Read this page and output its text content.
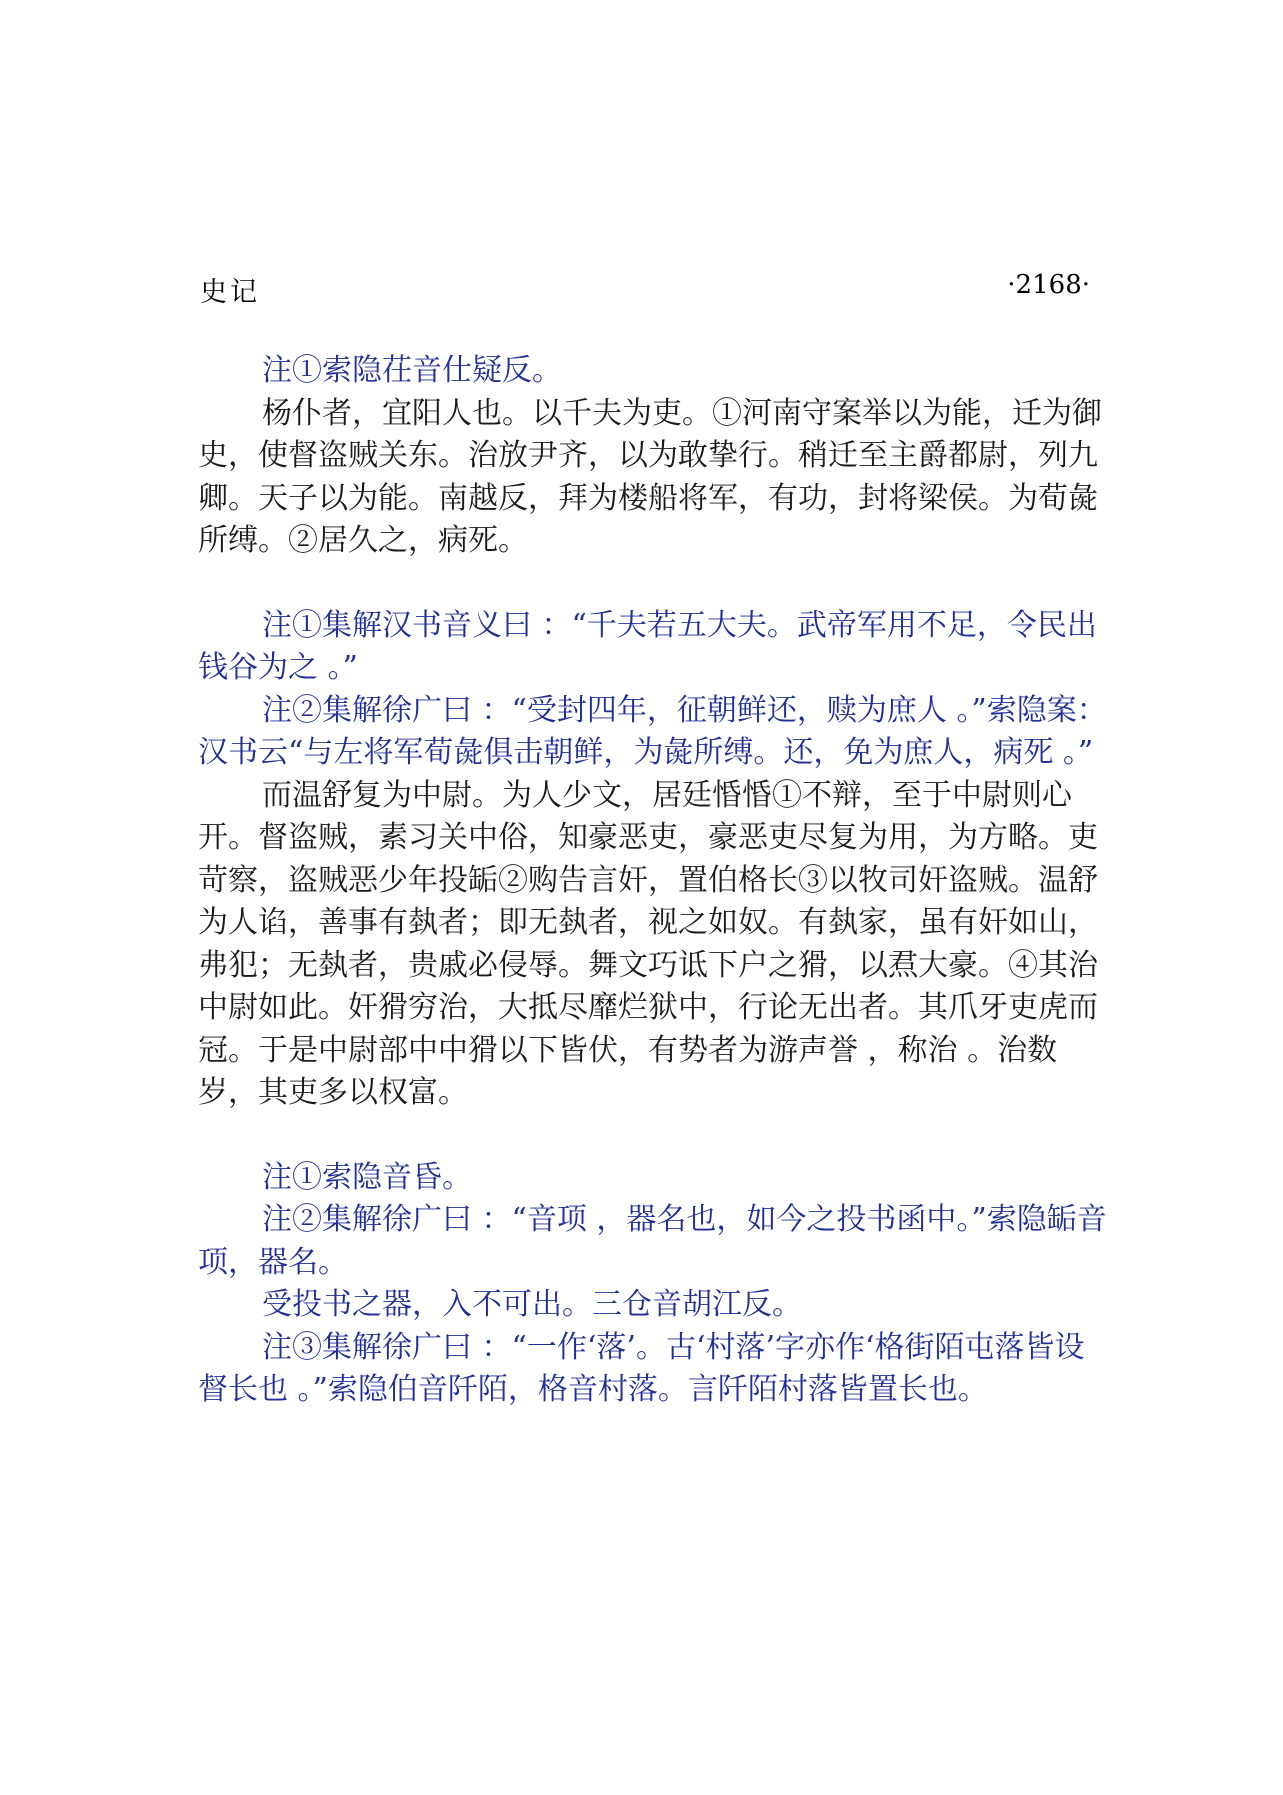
史记	·2168·

注①索隐茌音仕疑反。

杨仆者，宜阳人也。以千夫为吏。①河南守案举以为能，迁为御史，使督盗贼关东。治放尹齐，以为敢挚行。稍迁至主爵都尉，列九卿。天子以为能。南越反，拜为楼船将军，有功，封将梁侯。为荀彘所缚。②居久之，病死。

注①集解汉书音义曰 ：“千夫若五大夫。武帝军用不足，令民出钱谷为之 。”

注②集解徐广曰 ：“受封四年，征朝鲜还，赎为庶人 。”索隐案：汉书云“与左将军荀彘俱击朝鲜，为彘所缚。还，免为庶人，病死 。”

而温舒复为中尉。为人少文，居廷惛惛①不辩，至于中尉则心开。督盗贼，素习关中俗，知豪恶吏，豪恶吏尽复为用，为方略。吏苛察，盗贼恶少年投缿②购告言奸，置伯格长③以牧司奸盗贼。温舒为人谄，善事有埶者；即无埶者，视之如奴。有埶家，虽有奸如山，弗犯；无埶者，贵戚必侵辱。舞文巧诋下户之猾，以焄大豪。④其治中尉如此。奸猾穷治，大抵尽靡烂狱中，行论无出者。其爪牙吏虎而冠。于是中尉部中中猾以下皆伏，有势者为游声誉 ，称治 。治数岁，其吏多以权富。

注①索隐音昏。

注②集解徐广曰 ：“音项 ，器名也，如今之投书函中。”索隐缿音项，器名。

受投书之器，入不可出。三仓音胡江反。

注③集解徐广曰 ：“一作‘落’。古‘村落’字亦作‘格街陌屯落皆设督长也 。”索隐伯音阡陌，格音村落。言阡陌村落皆置长也。
